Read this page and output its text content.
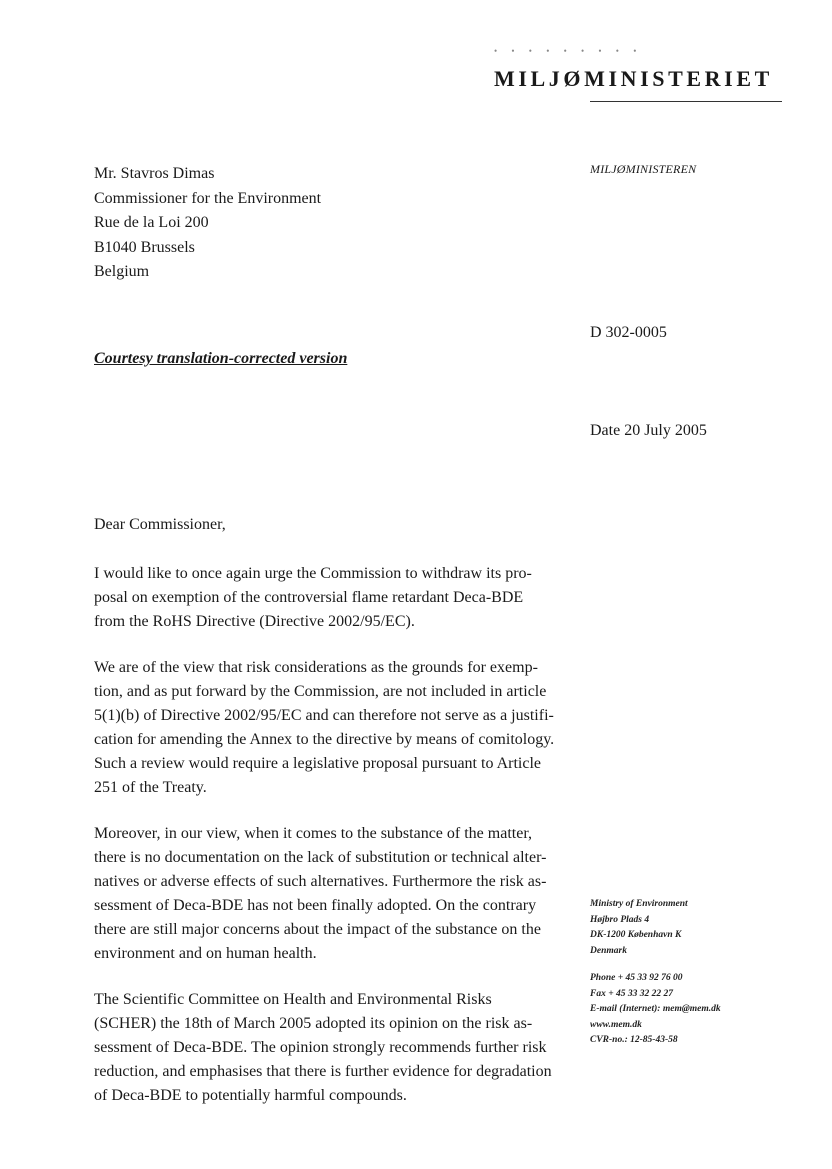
• • • • • • • • •
MILJØMINISTERIET
Mr. Stavros Dimas
Commissioner for the Environment
Rue de la Loi 200
B1040 Brussels
Belgium
MILJØMINISTEREN
D 302-0005
Courtesy translation-corrected version
Date 20 July 2005
Dear Commissioner,

I would like to once again urge the Commission to withdraw its pro-
posal on exemption of the controversial flame retardant Deca-BDE
from the RoHS Directive (Directive 2002/95/EC).

We are of the view that risk considerations as the grounds for exemp-
tion, and as put forward by the Commission, are not included in article
5(1)(b) of Directive 2002/95/EC and can therefore not serve as a justifi-
cation for amending the Annex to the directive by means of comitology.
Such a review would require a legislative proposal pursuant to Article
251 of the Treaty.

Moreover, in our view, when it comes to the substance of the matter,
there is no documentation on the lack of substitution or technical alter-
natives or adverse effects of such alternatives. Furthermore the risk as-
sessment of Deca-BDE has not been finally adopted. On the contrary
there are still major concerns about the impact of the substance on the
environment and on human health.

The Scientific Committee on Health and Environmental Risks
(SCHER) the 18th of March 2005 adopted its opinion on the risk as-
sessment of Deca-BDE. The opinion strongly recommends further risk
reduction, and emphasises that there is further evidence for degradation
of Deca-BDE to potentially harmful compounds.

Ministry of Environment
Højbro Plads 4
DK-1200 København K
Denmark
Phone + 45 33 92 76 00
Fax + 45 33 32 22 27
E-mail (Internet): mem@mem.dk
www.mem.dk
CVR-no.: 12-85-43-58
